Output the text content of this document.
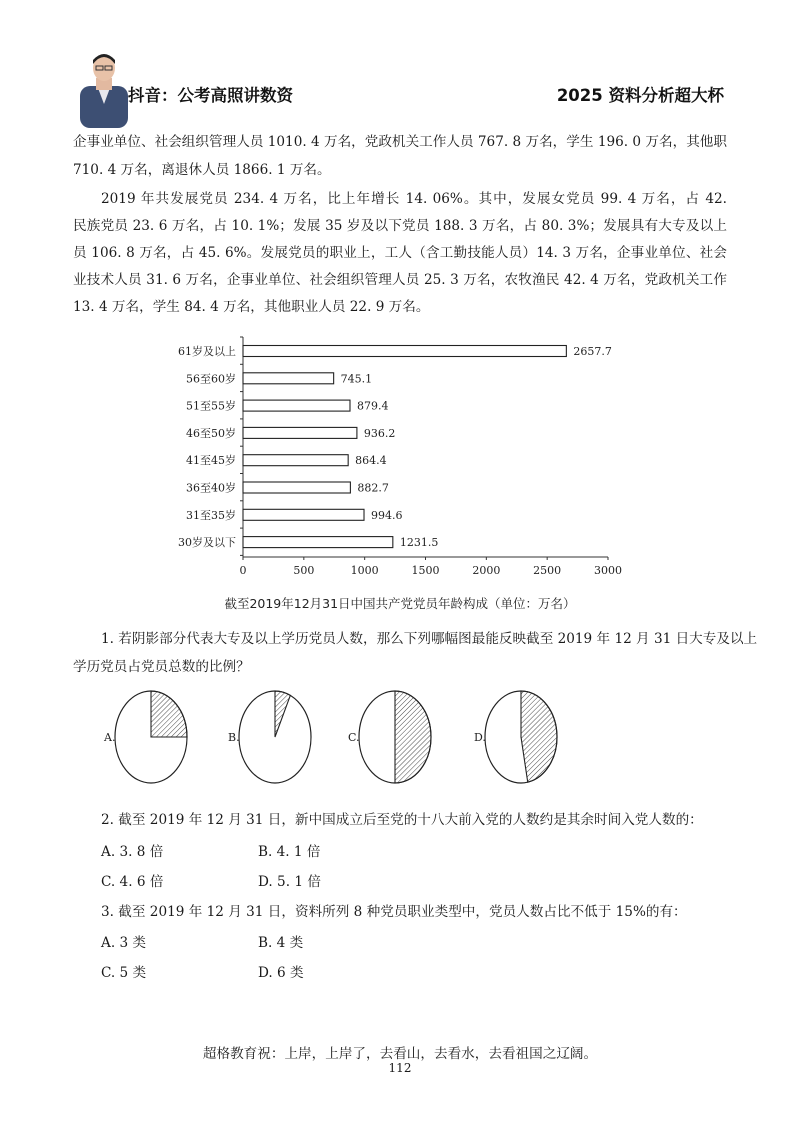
抖音：公考高照讲数资	2025 资料分析超大杯
企事业单位、社会组织管理人员 1010. 4 万名，党政机关工作人员 767. 8 万名，学生 196. 0 万名，其他职
710. 4 万名，离退休人员 1866. 1 万名。
2019 年共发展党员 234. 4 万名，比上年增长 14. 06%。其中，发展女党员 99. 4 万名，占 42.
民族党员 23. 6 万名，占 10. 1%；发展 35 岁及以下党员 188. 3 万名，占 80. 3%；发展具有大专及以上
员 106. 8 万名，占 45. 6%。发展党员的职业上，工人（含工勤技能人员）14. 3 万名，企事业单位、社会
业技术人员 31. 6 万名，企事业单位、社会组织管理人员 25. 3 万名，农牧渔民 42. 4 万名，党政机关工作
13. 4 万名，学生 84. 4 万名，其他职业人员 22. 9 万名。
0	500	1000	1500	2000	2500	3000
61岁及以上	2657.7
56至60岁	745.1
51至55岁	879.4
46至50岁	936.2
41至45岁	864.4
36至40岁	882.7
31至35岁	994.6
30岁及以下	1231.5
截至2019年12月31日中国共产党党员年龄构成（单位：万名）
1. 若阴影部分代表大专及以上学历党员人数，那么下列哪幅图最能反映截至 2019 年 12 月 31 日大专及以上
学历党员占党员总数的比例？
A.	B.	C.	D.
2. 截至 2019 年 12 月 31 日，新中国成立后至党的十八大前入党的人数约是其余时间入党人数的：
A. 3. 8 倍	B. 4. 1 倍
C. 4. 6 倍	D. 5. 1 倍
3. 截至 2019 年 12 月 31 日，资料所列 8 种党员职业类型中，党员人数占比不低于 15%的有：
A. 3 类	B. 4 类
C. 5 类	D. 6 类
超格教育祝：上岸，上岸了，去看山，去看水，去看祖国之辽阔。
112
